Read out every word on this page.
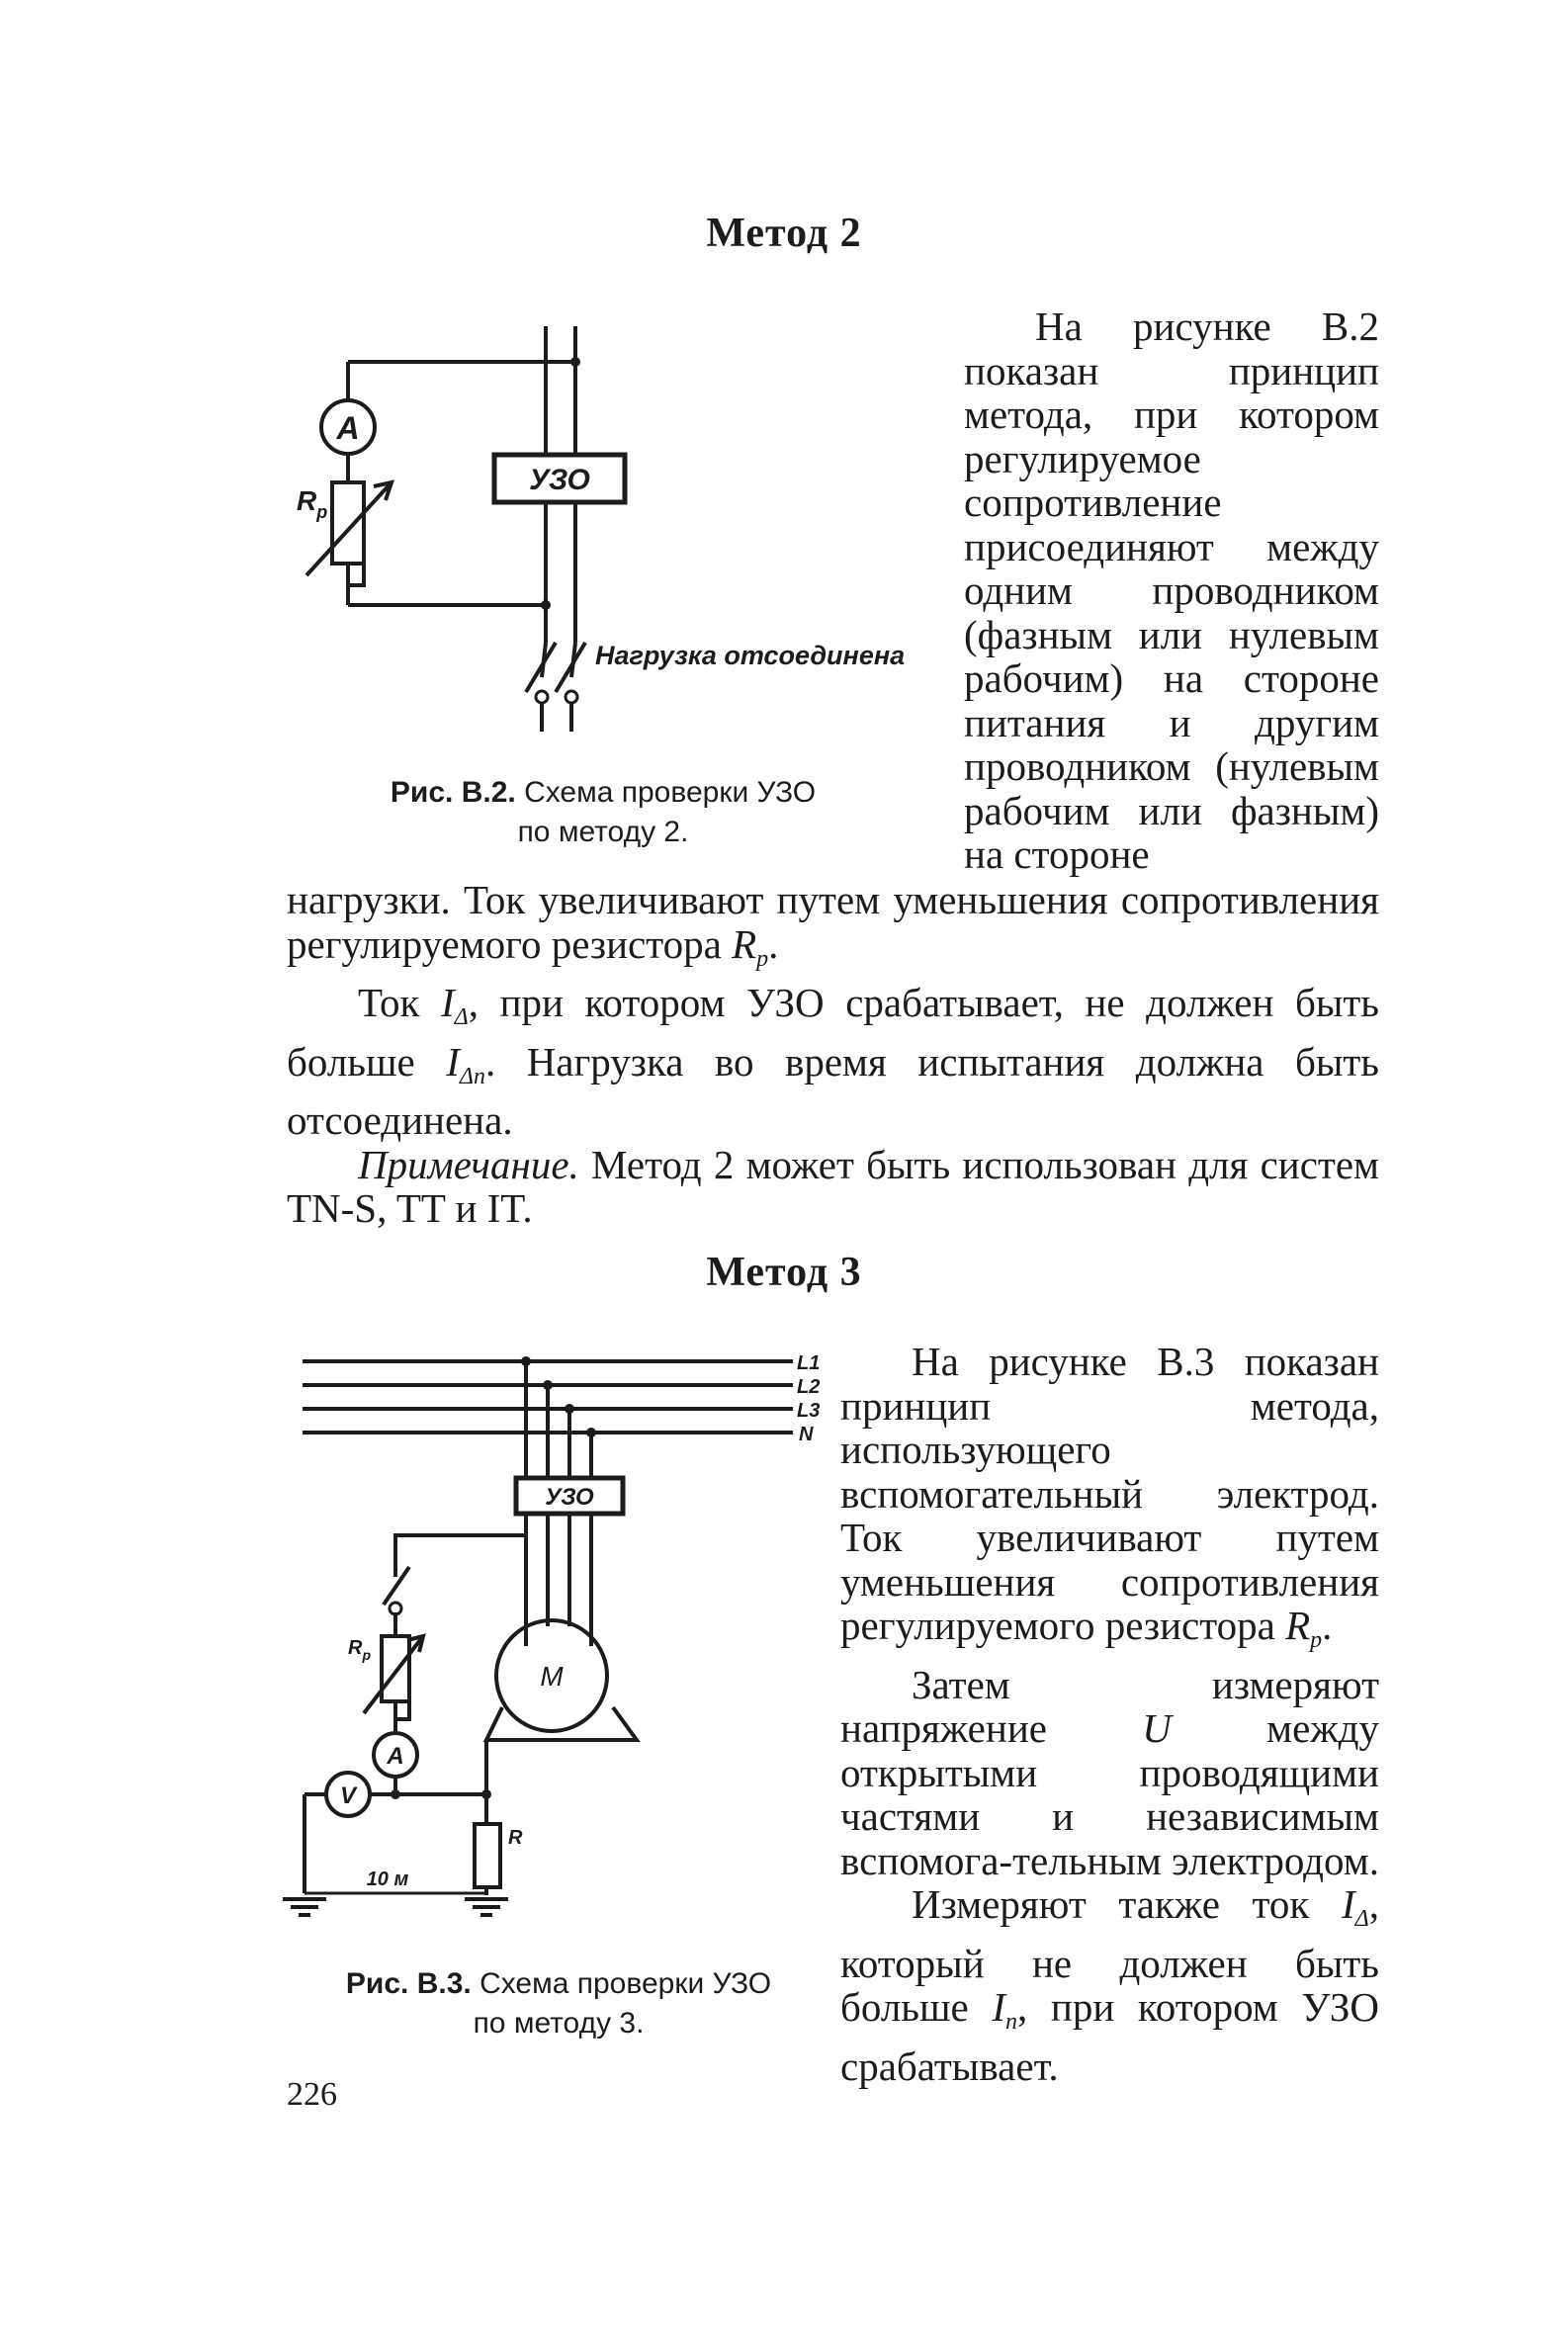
Метод 2
A
$R_p$
УЗО
Нагрузка отсоединена
Рис. В.2. Схема проверки УЗО
по методу 2.
На рисунке В.2 показан принцип метода, при котором регулируемое сопротивление присоединяют между одним проводником (фазным или нулевым рабочим) на стороне питания и другим проводником (нулевым рабочим или фазным) на стороне

нагрузки. Ток увеличивают путем уменьшения сопротивления регулируемого резистора $R_p$.

Ток $I_\Delta$, при котором УЗО срабатывает, не должен быть больше $I_{\Delta n}$. Нагрузка во время испытания должна быть отсоединена.

Примечание. Метод 2 может быть использован для систем TN-S, TT и IT.

Метод 3
L1
L2
L3
N
УЗО
$R_p$
A
V
M
R
10 м
Рис. В.3. Схема проверки УЗО
по методу 3.

На рисунке В.3 показан принцип метода, использующего вспомогательный электрод. Ток увеличивают путем уменьшения сопротивления регулируемого резистора $R_p$.

Затем измеряют напряжение U между открытыми проводящими частями и независимым вспомога-тельным электродом.

Измеряют также ток $I_\Delta$, который не должен быть больше $I_n$, при котором УЗО срабатывает.

226
